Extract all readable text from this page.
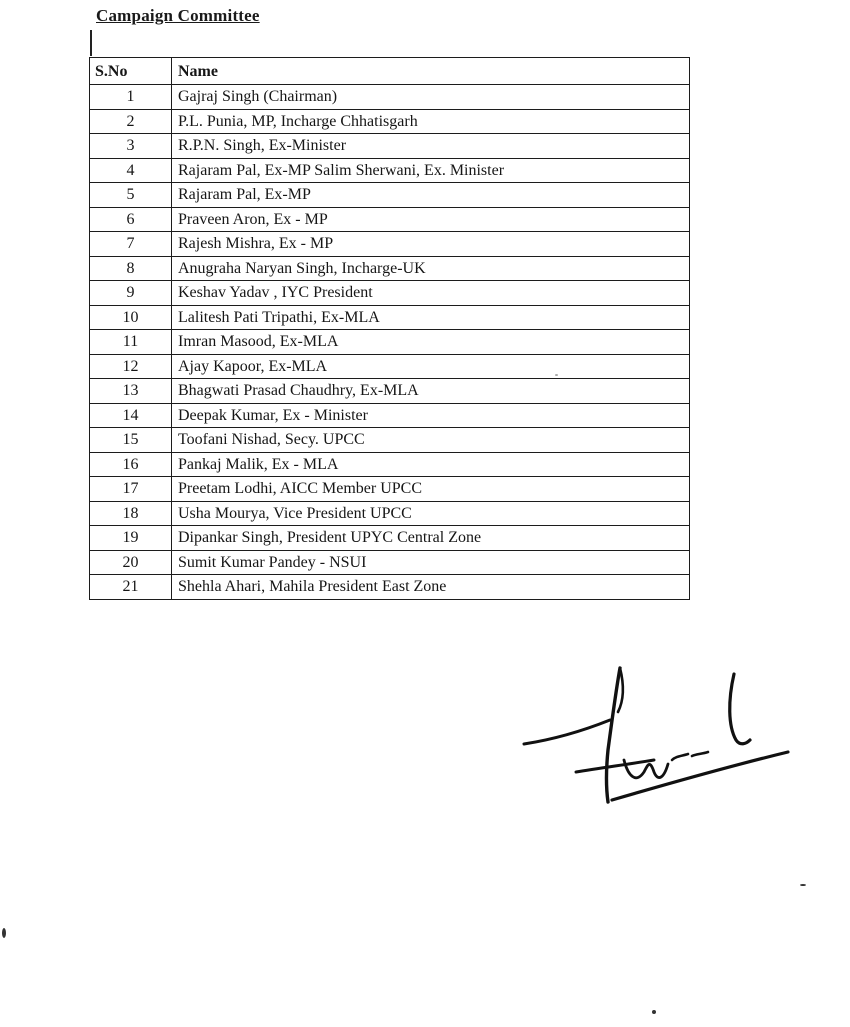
Campaign Committee
S.No	Name
1	Gajraj Singh (Chairman)
2	P.L. Punia, MP, Incharge Chhatisgarh
3	R.P.N. Singh, Ex-Minister
4	Rajaram Pal, Ex-MP Salim Sherwani, Ex. Minister
5	Rajaram Pal, Ex-MP
6	Praveen Aron, Ex - MP
7	Rajesh Mishra, Ex - MP
8	Anugraha Naryan Singh, Incharge-UK
9	Keshav Yadav , IYC President
10	Lalitesh Pati Tripathi, Ex-MLA
11	Imran Masood, Ex-MLA
12	Ajay Kapoor, Ex-MLA
13	Bhagwati Prasad Chaudhry, Ex-MLA
14	Deepak Kumar, Ex - Minister
15	Toofani Nishad, Secy. UPCC
16	Pankaj Malik, Ex - MLA
17	Preetam Lodhi, AICC Member UPCC
18	Usha Mourya, Vice President UPCC
19	Dipankar Singh, President UPYC Central Zone
20	Sumit Kumar Pandey - NSUI
21	Shehla Ahari, Mahila President East Zone
